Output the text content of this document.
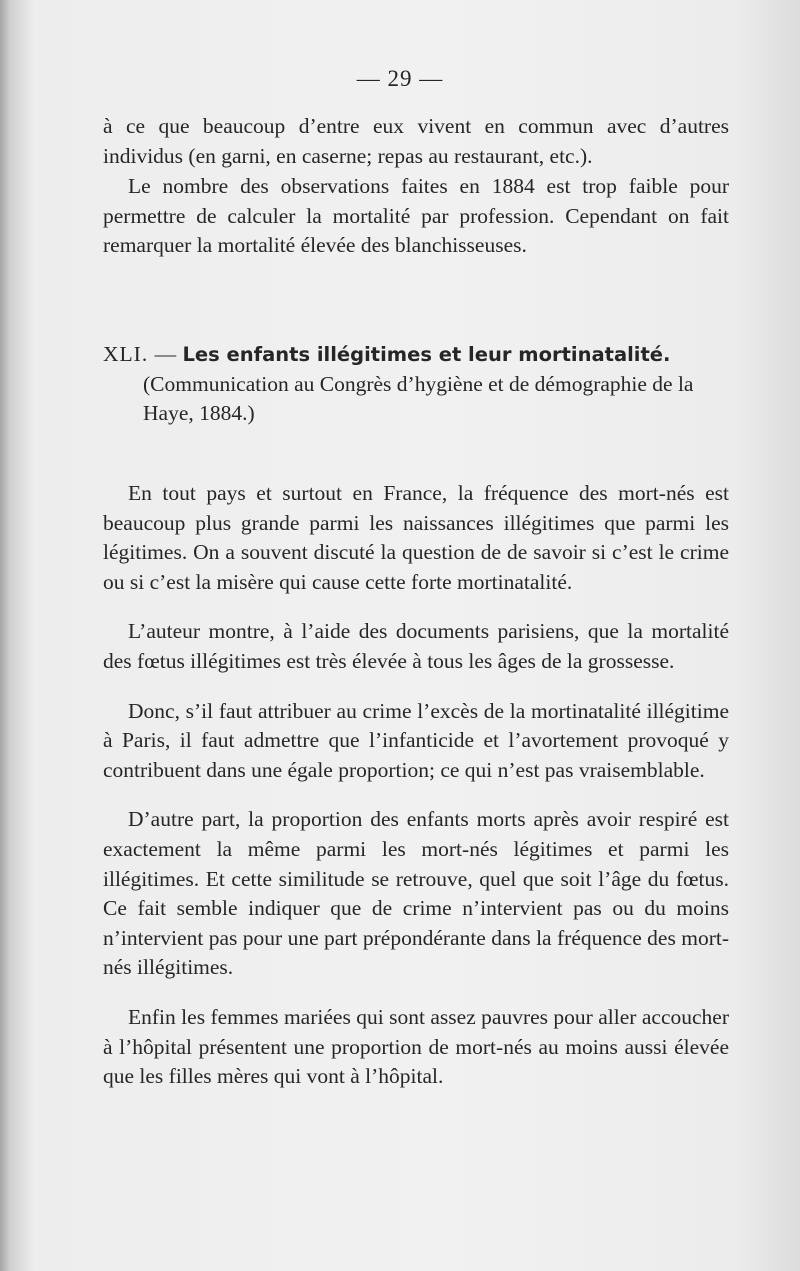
— 29 —
à ce que beaucoup d’entre eux vivent en commun avec d’autres individus (en garni, en caserne; repas au restaurant, etc.).
Le nombre des observations faites en 1884 est trop faible pour permettre de calculer la mortalité par profession. Cependant on fait remarquer la mortalité élevée des blanchisseuses.
XLI. — Les enfants illégitimes et leur mortinatalité.
(Communication au Congrès d’hygiène et de démographie de la Haye, 1884.)

En tout pays et surtout en France, la fréquence des mort-nés est beaucoup plus grande parmi les naissances illégitimes que parmi les légitimes. On a souvent discuté la question de de savoir si c’est le crime ou si c’est la misère qui cause cette forte mortinatalité.

L’auteur montre, à l’aide des documents parisiens, que la mortalité des fœtus illégitimes est très élevée à tous les âges de la grossesse.

Donc, s’il faut attribuer au crime l’excès de la mortinatalité illégitime à Paris, il faut admettre que l’infanticide et l’avortement provoqué y contribuent dans une égale proportion; ce qui n’est pas vraisemblable.

D’autre part, la proportion des enfants morts après avoir respiré est exactement la même parmi les mort-nés légitimes et parmi les illégitimes. Et cette similitude se retrouve, quel que soit l’âge du fœtus. Ce fait semble indiquer que de crime n’intervient pas ou du moins n’intervient pas pour une part prépondérante dans la fréquence des mort-nés illégitimes.

Enfin les femmes mariées qui sont assez pauvres pour aller accoucher à l’hôpital présentent une proportion de mort-nés au moins aussi élevée que les filles mères qui vont à l’hôpital.
